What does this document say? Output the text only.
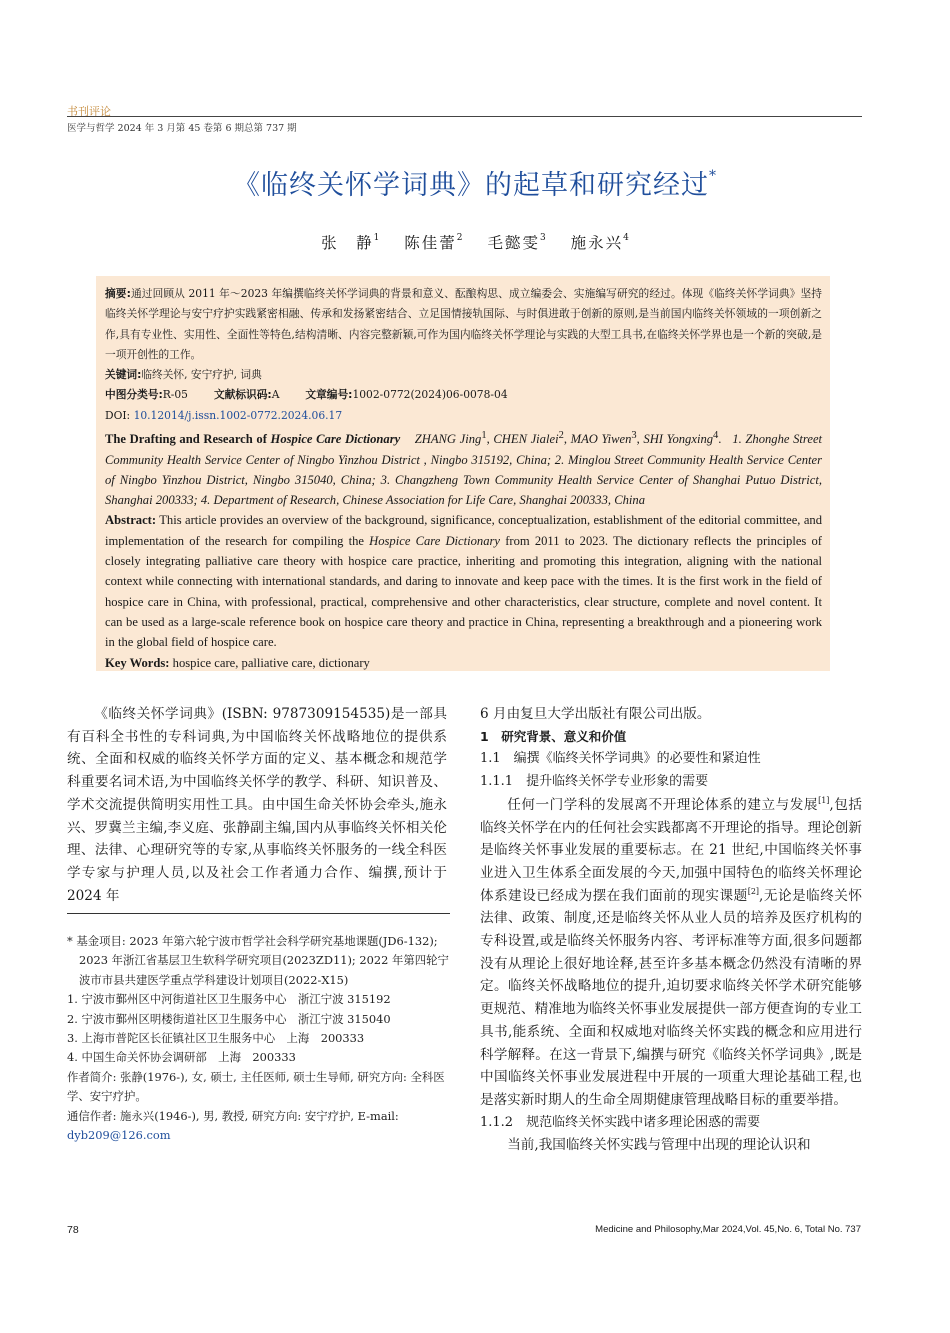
书刊评论
医学与哲学 2024 年 3 月第 45 卷第 6 期总第 737 期
《临终关怀学词典》的起草和研究经过*
张　静$^1$ 陈佳蕾$^2$ 毛懿雯$^3$ 施永兴$^4$

摘要:通过回顾从 2011 年～2023 年编撰临终关怀学词典的背景和意义、酝酿构思、成立编委会、实施编写研究的经过。体现《临终关怀学词典》坚持临终关怀学理论与安宁疗护实践紧密相融、传承和发扬紧密结合、立足国情接轨国际、与时俱进敢于创新的原则,是当前国内临终关怀领域的一项创新之作,具有专业性、实用性、全面性等特色,结构清晰、内容完整新颖,可作为国内临终关怀学理论与实践的大型工具书,在临终关怀学界也是一个新的突破,是一项开创性的工作。

关键词:临终关怀, 安宁疗护, 词典

中图分类号:R-05 文献标识码:A 文章编号:1002-0772(2024)06-0078-04

DOI: 10.12014/j.issn.1002-0772.2024.06.17

The Drafting and Research of Hospice Care Dictionary ZHANG Jing$^1$, CHEN Jialei$^2$, MAO Yiwen$^3$, SHI Yongxing$^4$.   1. Zhonghe Street Community Health Service Center of Ningbo Yinzhou District , Ningbo 315192, China; 2. Minglou Street Community Health Service Center of Ningbo Yinzhou District, Ningbo 315040, China; 3. Changzheng Town Community Health Service Center of Shanghai Putuo District, Shanghai 200333; 4. Department of Research, Chinese Association for Life Care, Shanghai 200333, China

Abstract: This article provides an overview of the background, significance, conceptualization, establishment of the editorial committee, and implementation of the research for compiling the Hospice Care Dictionary from 2011 to 2023. The dictionary reflects the principles of closely integrating palliative care theory with hospice care practice, inheriting and promoting this integration, aligning with the national context while connecting with international standards, and daring to innovate and keep pace with the times. It is the first work in the field of hospice care in China, with professional, practical, comprehensive and other characteristics, clear structure, complete and novel content. It can be used as a large-scale reference book on hospice care theory and practice in China, representing a breakthrough and a pioneering work in the global field of hospice care.

Key Words: hospice care, palliative care, dictionary

《临终关怀学词典》(ISBN: 9787309154535)是一部具有百科全书性的专科词典,为中国临终关怀战略地位的提供系统、全面和权威的临终关怀学方面的定义、基本概念和规范学科重要名词术语,为中国临终关怀学的教学、科研、知识普及、学术交流提供简明实用性工具。由中国生命关怀协会牵头,施永兴、罗冀兰主编,李义庭、张静副主编,国内从事临终关怀相关伦理、法律、心理研究等的专家,从事临终关怀服务的一线全科医学专家与护理人员,以及社会工作者通力合作、编撰,预计于 2024 年

6 月由复旦大学出版社有限公司出版。

1　研究背景、意义和价值

1.1　编撰《临终关怀学词典》的必要性和紧迫性

1.1.1　提升临终关怀学专业形象的需要

任何一门学科的发展离不开理论体系的建立与发展[1],包括临终关怀学在内的任何社会实践都离不开理论的指导。理论创新是临终关怀事业发展的重要标志。在 21 世纪,中国临终关怀事业进入卫生体系全面发展的今天,加强中国特色的临终关怀理论体系建设已经成为摆在我们面前的现实课题[2],无论是临终关怀法律、政策、制度,还是临终关怀从业人员的培养及医疗机构的专科设置,或是临终关怀服务内容、考评标准等方面,很多问题都没有从理论上很好地诠释,甚至许多基本概念仍然没有清晰的界定。临终关怀战略地位的提升,迫切要求临终关怀学术研究能够更规范、精准地为临终关怀事业发展提供一部方便查询的专业工具书,能系统、全面和权威地对临终关怀实践的概念和应用进行科学解释。在这一背景下,编撰与研究《临终关怀学词典》,既是中国临终关怀事业发展进程中开展的一项重大理论基础工程,也是落实新时期人的生命全周期健康管理战略目标的重要举措。

1.1.2　规范临终关怀实践中诸多理论困惑的需要

当前,我国临终关怀实践与管理中出现的理论认识和

* 基金项目: 2023 年第六轮宁波市哲学社会科学研究基地课题(JD6-132); 2023 年浙江省基层卫生软科学研究项目(2023ZD11); 2022 年第四轮宁波市市县共建医学重点学科建设计划项目(2022-X15)

1. 宁波市鄞州区中河街道社区卫生服务中心　浙江宁波 315192

2. 宁波市鄞州区明楼街道社区卫生服务中心　浙江宁波 315040

3. 上海市普陀区长征镇社区卫生服务中心　上海　200333

4. 中国生命关怀协会调研部　上海　200333

作者简介: 张静(1976-), 女, 硕士, 主任医师, 硕士生导师, 研究方向: 全科医学、安宁疗护。

通信作者: 施永兴(1946-), 男, 教授, 研究方向: 安宁疗护, E-mail: dyb209@126.com

78	Medicine and Philosophy,Mar 2024,Vol. 45,No. 6, Total No. 737
